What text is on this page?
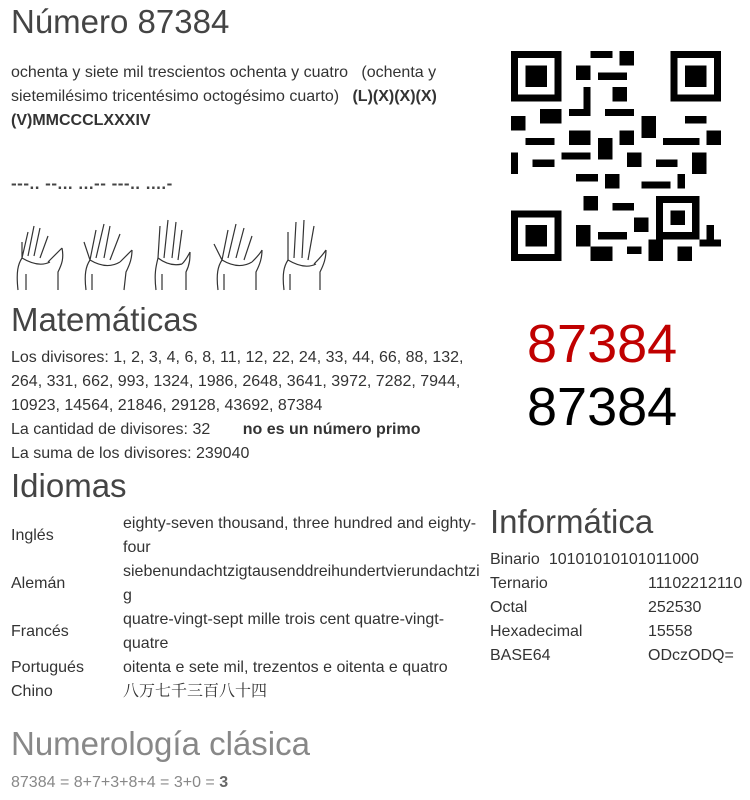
Número 87384
ochenta y siete mil trescientos ochenta y cuatro (ochenta y sietemilésimo tricentésimo octogésimo cuarto) (L)(X)(X)(X)(V)MMCCCLXXXIV
---.. --... ...-- ---.. ....-
Matemáticas
Los divisores: 1, 2, 3, 4, 6, 8, 11, 12, 22, 24, 33, 44, 66, 88, 132, 264, 331, 662, 993, 1324, 1986, 2648, 3641, 3972, 7282, 7944, 10923, 14564, 21846, 29128, 43692, 87384
La cantidad de divisores: 32 no es un número primo
La suma de los divisores: 239040
87384
87384
Idiomas
Inglés	eighty-seven thousand, three hundred and eighty-four
Alemán	siebenundachtzigtausenddreihundertvierundachtzig
Francés	quatre-vingt-sept mille trois cent quatre-vingt-quatre
Portugués	oitenta e sete mil, trezentos e oitenta e quatro
Chino	八万七千三百八十四
Informática
Binario 10101010101011000
Ternario	11102212110
Octal	252530
Hexadecimal	15558
BASE64	ODczODQ=
Numerología clásica
87384 = 8+7+3+8+4 = 3+0 = 3
